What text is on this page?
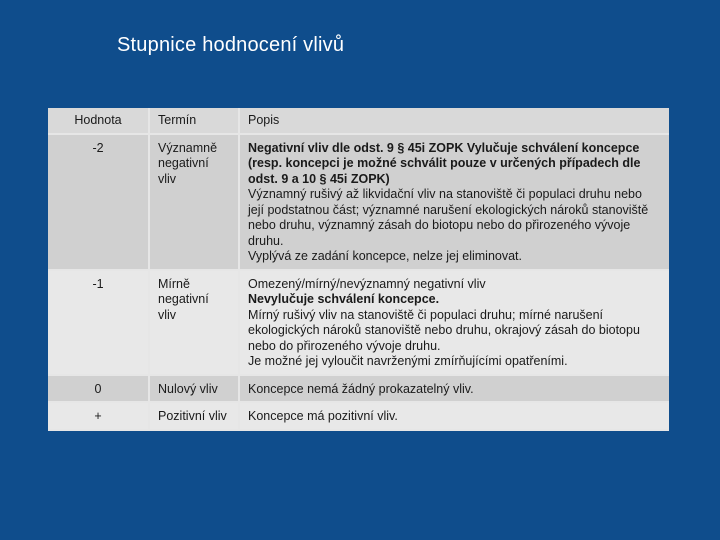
Stupnice hodnocení vlivů
Hodnota	Termín	Popis
-2	Významně negativní vliv	Negativní vliv dle odst. 9 § 45i ZOPK Vylučuje schválení koncepce (resp. koncepci je možné schválit pouze v určených případech dle odst. 9 a 10 § 45i ZOPK)
Významný rušivý až likvidační vliv na stanoviště či populaci druhu nebo její podstatnou část; významné narušení ekologických nároků stanoviště nebo druhu, významný zásah do biotopu nebo do přirozeného vývoje druhu.
Vyplývá ze zadání koncepce, nelze jej eliminovat.

-1	Mírně negativní vliv	Omezený/mírný/nevýznamný negativní vliv
Nevylučuje schválení koncepce.
Mírný rušivý vliv na stanoviště či populaci druhu; mírné narušení ekologických nároků stanoviště nebo druhu, okrajový zásah do biotopu nebo do přirozeného vývoje druhu.
Je možné jej vyloučit navrženými zmírňujícími opatřeními.

0	Nulový vliv	Koncepce nemá žádný prokazatelný vliv.

+	Pozitivní vliv	Koncepce má pozitivní vliv.
